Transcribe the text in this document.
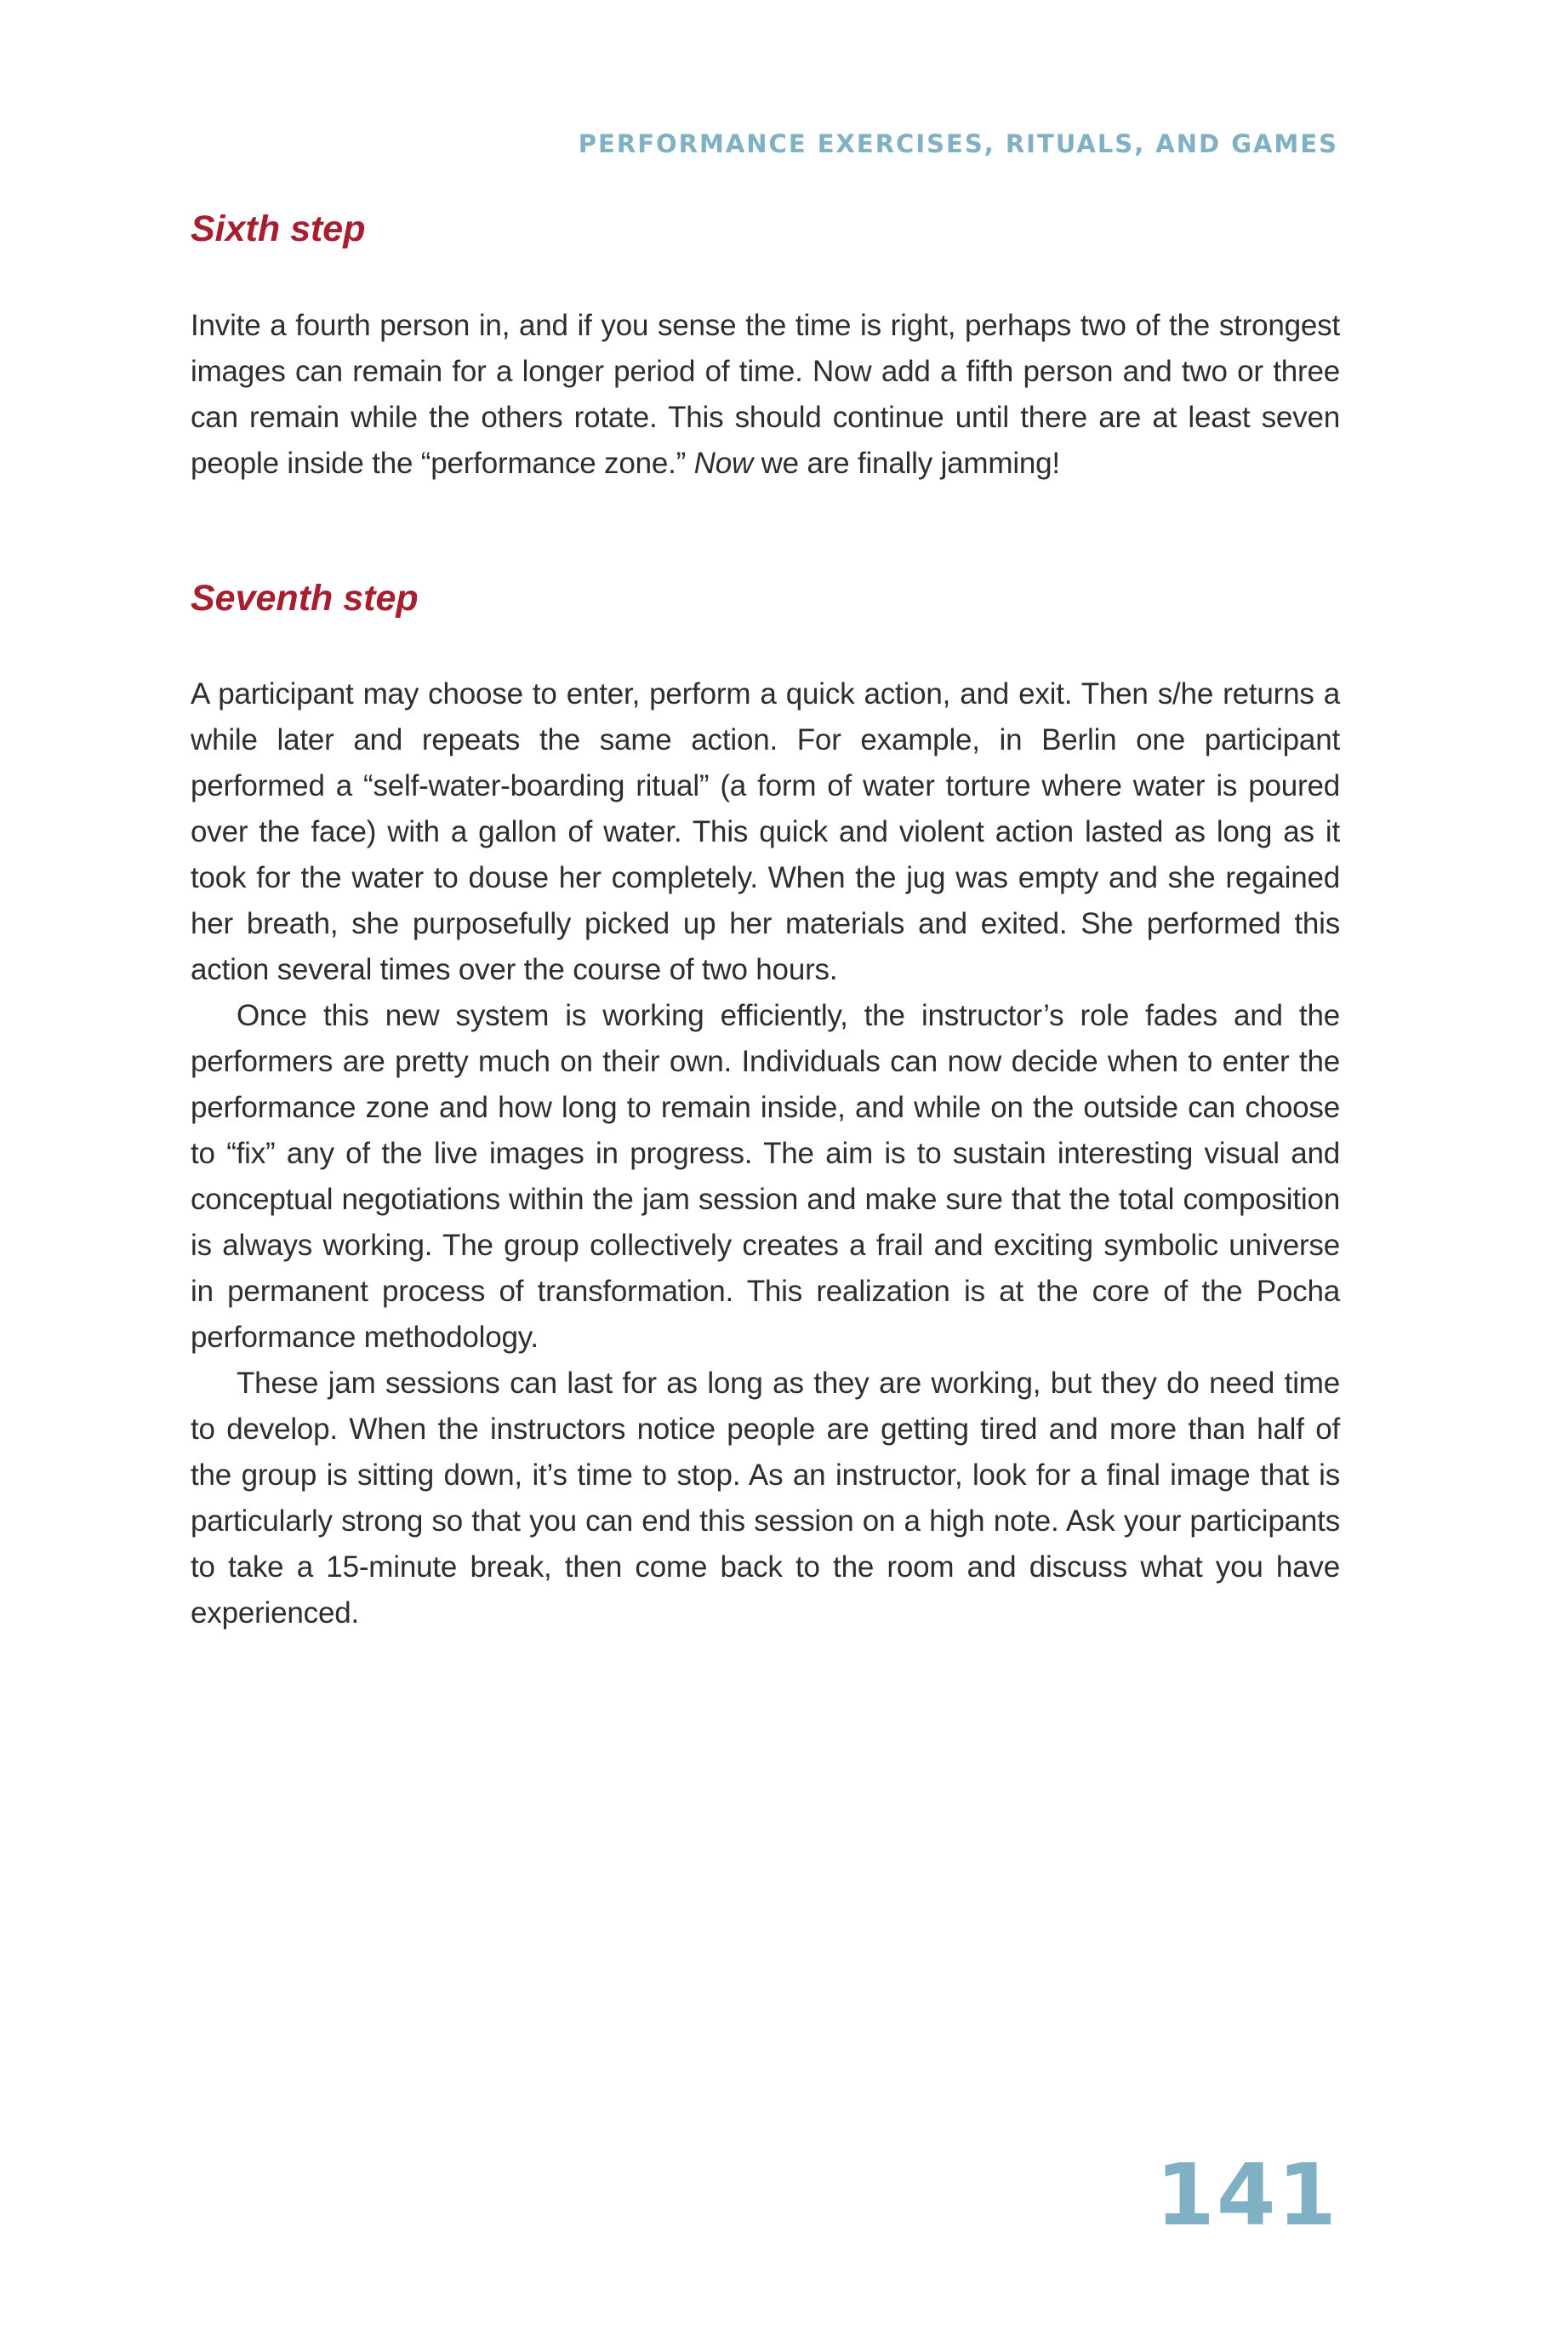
PERFORMANCE EXERCISES, RITUALS, AND GAMES
Sixth step

Invite a fourth person in, and if you sense the time is right, perhaps two of the strongest images can remain for a longer period of time. Now add a fifth person and two or three can remain while the others rotate. This should continue until there are at least seven people inside the “performance zone.” Now we are finally jamming!

Seventh step

A participant may choose to enter, perform a quick action, and exit. Then s/he returns a while later and repeats the same action. For example, in Berlin one participant performed a “self-water-boarding ritual” (a form of water torture where water is poured over the face) with a gallon of water. This quick and violent action lasted as long as it took for the water to douse her completely. When the jug was empty and she regained her breath, she purposefully picked up her materials and exited. She performed this action several times over the course of two hours.

Once this new system is working efficiently, the instructor’s role fades and the performers are pretty much on their own. Individuals can now decide when to enter the performance zone and how long to remain inside, and while on the outside can choose to “fix” any of the live images in progress. The aim is to sustain interesting visual and conceptual negotiations within the jam session and make sure that the total composition is always working. The group collectively creates a frail and exciting symbolic universe in permanent process of transformation. This realization is at the core of the Pocha performance methodology.

These jam sessions can last for as long as they are working, but they do need time to develop. When the instructors notice people are getting tired and more than half of the group is sitting down, it’s time to stop. As an instructor, look for a final image that is particularly strong so that you can end this session on a high note. Ask your participants to take a 15-minute break, then come back to the room and discuss what you have experienced.

141
